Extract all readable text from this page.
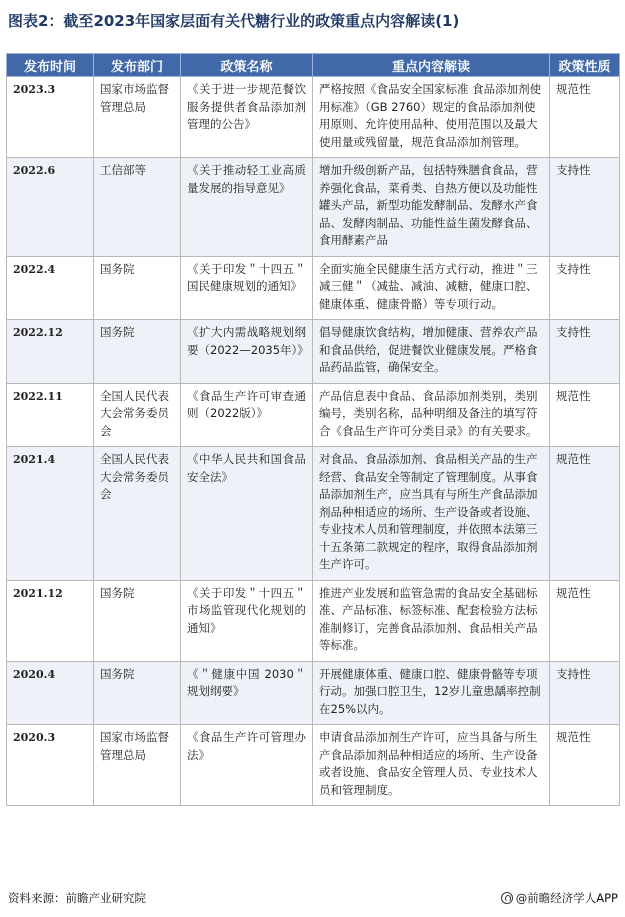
图表2：截至2023年国家层面有关代糖行业的政策重点内容解读(1)
发布时间	发布部门	政策名称	重点内容解读	政策性质
2023.3	国家市场监督管理总局	《关于进一步规范餐饮服务提供者食品添加剂管理的公告》	严格按照《食品安全国家标准 食品添加剂使用标准》（GB 2760）规定的食品添加剂使用原则、允许使用品种、使用范围以及最大使用量或残留量，规范食品添加剂管理。	规范性
2022.6	工信部等	《关于推动轻工业高质量发展的指导意见》	增加升级创新产品，包括特殊膳食食品，营养强化食品，菜肴类、自热方便以及功能性罐头产品，新型功能发酵制品、发酵水产食品、发酵肉制品、功能性益生菌发酵食品、食用酵素产品	支持性
2022.4	国务院	《关于印发＂十四五＂国民健康规划的通知》	全面实施全民健康生活方式行动，推进＂三减三健＂（减盐、减油、减糖，健康口腔、健康体重、健康骨骼）等专项行动。	支持性
2022.12	国务院	《扩大内需战略规划纲要（2022—2035年）》	倡导健康饮食结构，增加健康、营养农产品和食品供给，促进餐饮业健康发展。严格食品药品监管，确保安全。	支持性
2022.11	全国人民代表大会常务委员会	《食品生产许可审查通则（2022版）》	产品信息表中食品、食品添加剂类别，类别编号，类别名称，品种明细及备注的填写符合《食品生产许可分类目录》的有关要求。	规范性
2021.4	全国人民代表大会常务委员会	《中华人民共和国食品安全法》	对食品、食品添加剂、食品相关产品的生产经营、食品安全等制定了管理制度。从事食品添加剂生产，应当具有与所生产食品添加剂品种相适应的场所、生产设备或者设施、专业技术人员和管理制度，并依照本法第三十五条第二款规定的程序，取得食品添加剂生产许可。	规范性
2021.12	国务院	《关于印发＂十四五＂市场监管现代化规划的通知》	推进产业发展和监管急需的食品安全基础标准、产品标准、标签标准、配套检验方法标准制修订，完善食品添加剂、食品相关产品等标准。	规范性
2020.4	国务院	《＂健康中国 2030＂规划纲要》	开展健康体重、健康口腔、健康骨骼等专项行动。加强口腔卫生，12岁儿童患龋率控制在25%以内。	支持性
2020.3	国家市场监督管理总局	《食品生产许可管理办法》	申请食品添加剂生产许可，应当具备与所生产食品添加剂品种相适应的场所、生产设备或者设施、食品安全管理人员、专业技术人员和管理制度。	规范性
资料来源：前瞻产业研究院	@前瞻经济学人APP
